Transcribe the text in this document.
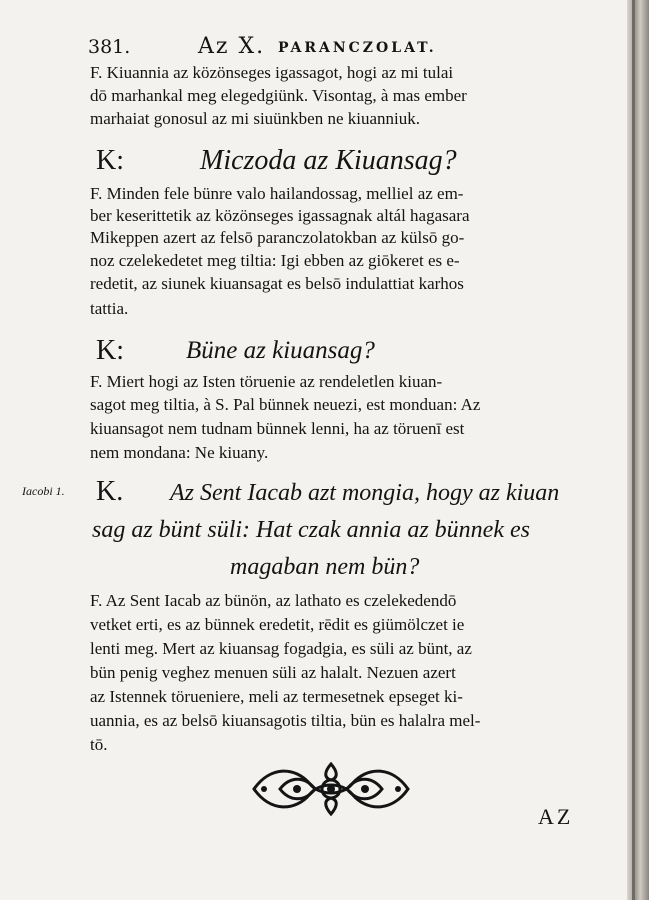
381.	Az X. PARANCZOLAT.
F. Kiuannia az közönseges igassagot, hogi az mi tulai
dō marhankal meg elegedgiünk. Visontag, à mas ember
marhaiat gonosul az mi siuünkben ne kiuanniuk.
K:	Miczoda az Kiuansag?
F. Minden fele bünre valo hailandossag, melliel az em-
ber keserittetik az közönseges igassagnak altál hagasara
Mikeppen azert az felsō paranczolatokban az külsō go-
noz czelekedetet meg tiltia: Igi ebben az giōkeret es e-
redetit, az siunek kiuansagat es belsō indulattiat karhos
tattia.
K: Büne az kiuansag?
F. Miert hogi az Isten töruenie az rendeletlen kiuan-
sagot meg tiltia, à S. Pal bünnek neuezi, est monduan: Az
kiuansagot nem tudnam bünnek lenni, ha az töruenī est
nem mondana: Ne kiuany.
Iacobi 1. K. Az Sent Iacab azt mongia, hogy az kiuan
sag az bünt süli: Hat czak annia az bünnek es
magaban nem bün?
F. Az Sent Iacab az bünön, az lathato es czelekedendō
vetket erti, es az bünnek eredetit, rēdit es giümölczet ie
lenti meg. Mert az kiuansag fogadgia, es süli az bünt, az
bün penig veghez menuen süli az halalt. Nezuen azert
az Istennek törueniere, meli az termesetnek epseget ki-
uannia, es az belsō kiuansagotis tiltia, bün es halalra mel-
tō.
AZ
